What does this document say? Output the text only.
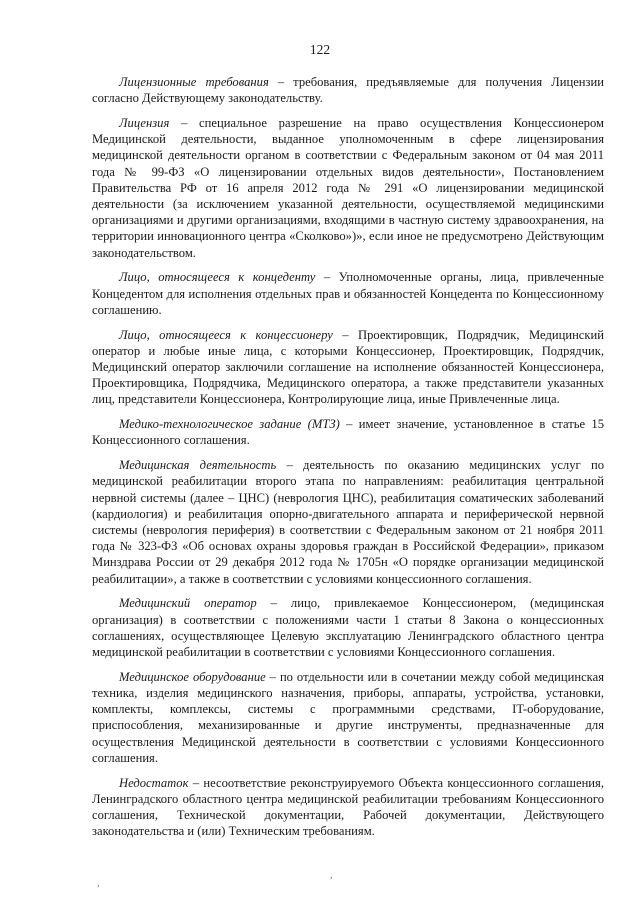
122

Лицензионные требования – требования, предъявляемые для получения Лицензии согласно Действующему законодательству.

Лицензия – специальное разрешение на право осуществления Концессионером Медицинской деятельности, выданное уполномоченным в сфере лицензирования медицинской деятельности органом в соответствии с Федеральным законом от 04 мая 2011 года № 99-ФЗ «О лицензировании отдельных видов деятельности», Постановлением Правительства РФ от 16 апреля 2012 года № 291 «О лицензировании медицинской деятельности (за исключением указанной деятельности, осуществляемой медицинскими организациями и другими организациями, входящими в частную систему здравоохранения, на территории инновационного центра «Сколково»)», если иное не предусмотрено Действующим законодательством.

Лицо, относящееся к концеденту – Уполномоченные органы, лица, привлеченные Концедентом для исполнения отдельных прав и обязанностей Концедента по Концессионному соглашению.

Лицо, относящееся к концессионеру – Проектировщик, Подрядчик, Медицинский оператор и любые иные лица, с которыми Концессионер, Проектировщик, Подрядчик, Медицинский оператор заключили соглашение на исполнение обязанностей Концессионера, Проектировщика, Подрядчика, Медицинского оператора, а также представители указанных лиц, представители Концессионера, Контролирующие лица, иные Привлеченные лица.

Медико-технологическое задание (МТЗ) – имеет значение, установленное в статье 15 Концессионного соглашения.

Медицинская деятельность – деятельность по оказанию медицинских услуг по медицинской реабилитации второго этапа по направлениям: реабилитация центральной нервной системы (далее – ЦНС) (неврология ЦНС), реабилитация соматических заболеваний (кардиология) и реабилитация опорно-двигательного аппарата и периферической нервной системы (неврология периферия) в соответствии с Федеральным законом от 21 ноября 2011 года № 323-ФЗ «Об основах охраны здоровья граждан в Российской Федерации», приказом Минздрава России от 29 декабря 2012 года № 1705н «О порядке организации медицинской реабилитации», а также в соответствии с условиями концессионного соглашения.

Медицинский оператор – лицо, привлекаемое Концессионером, (медицинская организация) в соответствии с положениями части 1 статьи 8 Закона о концессионных соглашениях, осуществляющее Целевую эксплуатацию Ленинградского областного центра медицинской реабилитации в соответствии с условиями Концессионного соглашения.

Медицинское оборудование – по отдельности или в сочетании между собой медицинская техника, изделия медицинского назначения, приборы, аппараты, устройства, установки, комплекты, комплексы, системы с программными средствами, IT-оборудование, приспособления, механизированные и другие инструменты, предназначенные для осуществления Медицинской деятельности в соответствии с условиями Концессионного соглашения.

Недостаток – несоответствие реконструируемого Объекта концессионного соглашения, Ленинградского областного центра медицинской реабилитации требованиям Концессионного соглашения, Технической документации, Рабочей документации, Действующего законодательства и (или) Техническим требованиям.

,
,
